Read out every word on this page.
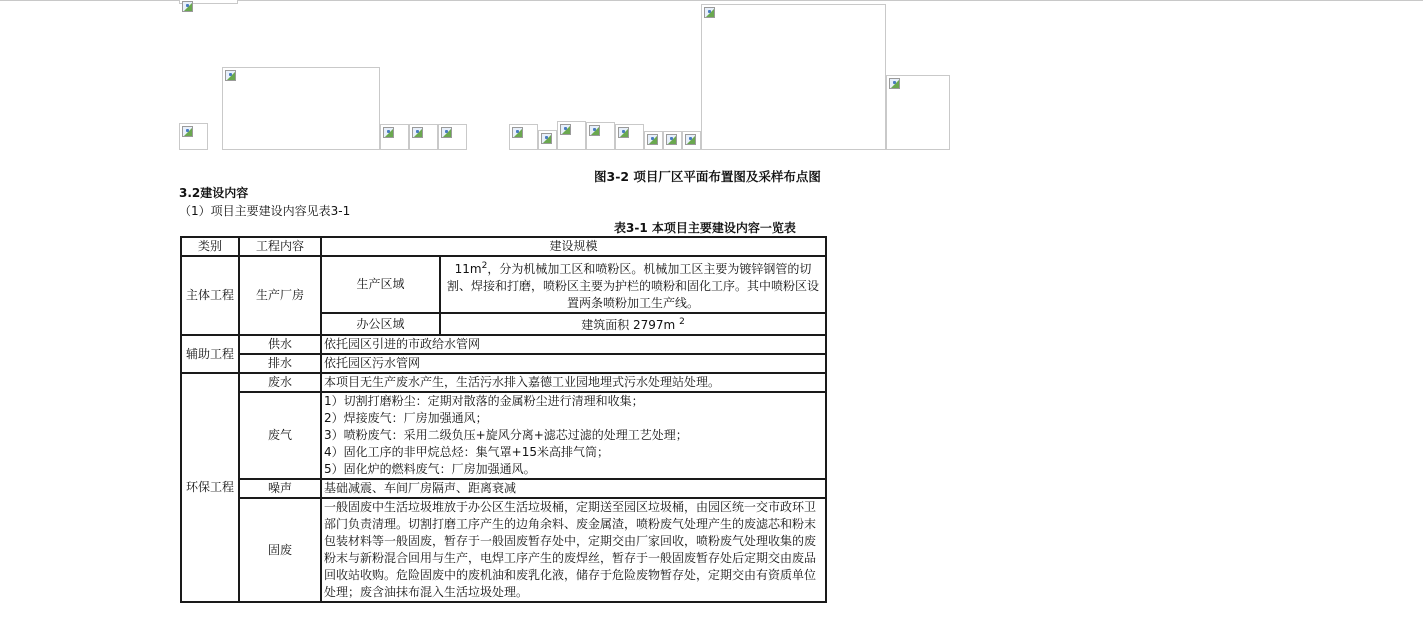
图3-2 项目厂区平面布置图及采样布点图
3.2建设内容
（1）项目主要建设内容见表3-1
表3-1 本项目主要建设内容一览表
类别	工程内容	建设规模	
主体工程	生产厂房	生产区域	$11m^2$，分为机械加工区和喷粉区。机械加工区主要为镀锌钢管的切割、焊接和打磨，喷粉区主要为护栏的喷粉和固化工序。其中喷粉区设置两条喷粉加工生产线。
		办公区域	建筑面积 2797m $^2$
辅助工程	供水	依托园区引进的市政给水管网	
	排水	依托园区污水管网	
环保工程	废水	本项目无生产废水产生，生活污水排入嘉德工业园地埋式污水处理站处理。	
	废气	1）切割打磨粉尘：定期对散落的金属粉尘进行清理和收集；
2）焊接废气：厂房加强通风；
3）喷粉废气：采用二级负压+旋风分离+滤芯过滤的处理工艺处理；
4）固化工序的非甲烷总烃：集气罩+15米高排气筒；
5）固化炉的燃料废气：厂房加强通风。	

	噪声	基础减震、车间厂房隔声、距离衰减	
	固废	一般固废中生活垃圾堆放于办公区生活垃圾桶，定期送至园区垃圾桶，由园区统一交市政环卫部门负责清理。切割打磨工序产生的边角余料、废金属渣，喷粉废气处理产生的废滤芯和粉末包装材料等一般固废，暂存于一般固废暂存处中，定期交由厂家回收，喷粉废气处理收集的废粉末与新粉混合回用与生产，电焊工序产生的废焊丝，暂存于一般固废暂存处后定期交由废品回收站收购。危险固废中的废机油和废乳化液，储存于危险废物暂存处，定期交由有资质单位处理；废含油抹布混入生活垃圾处理。	
